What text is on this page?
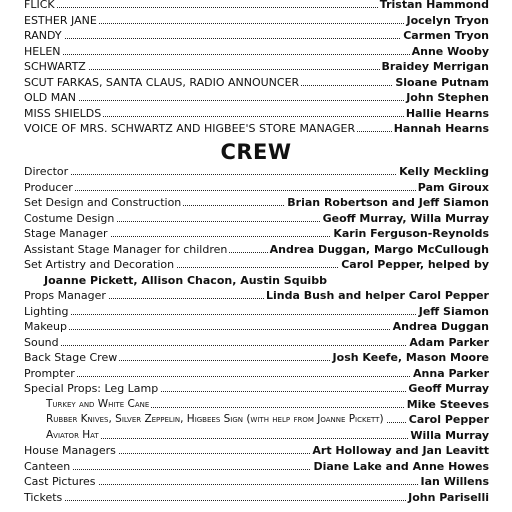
FLICK	Tristan Hammond
ESTHER JANE	Jocelyn Tryon
RANDY	Carmen Tryon
HELEN	Anne Wooby
SCHWARTZ	Braidey Merrigan
SCUT FARKAS, SANTA CLAUS, RADIO ANNOUNCER	Sloane Putnam
OLD MAN	John Stephen
MISS SHIELDS	Hallie Hearns
VOICE OF MRS. SCHWARTZ AND HIGBEE'S STORE MANAGER	Hannah Hearns
CREW
Director	Kelly Meckling
Producer	Pam Giroux
Set Design and Construction	Brian Robertson and Jeff Siamon
Costume Design	Geoff Murray, Willa Murray
Stage Manager	Karin Ferguson-Reynolds
Assistant Stage Manager for children	Andrea Duggan, Margo McCullough
Set Artistry and Decoration	Carol Pepper, helped by
Joanne Pickett, Allison Chacon, Austin Squibb
Props Manager	Linda Bush and helper Carol Pepper
Lighting	Jeff Siamon
Makeup	Andrea Duggan
Sound	Adam Parker
Back Stage Crew	Josh Keefe, Mason Moore
Prompter	Anna Parker
Special Props: Leg Lamp	Geoff Murray
Turkey and White Cane	Mike Steeves
Rubber Knives, Silver Zeppelin, Higbees Sign (with help from Joanne Pickett) Carol Pepper
Aviator Hat	Willa Murray
House Managers	Art Holloway and Jan Leavitt
Canteen	Diane Lake and Anne Howes
Cast Pictures	Ian Willens
Tickets	John Pariselli
